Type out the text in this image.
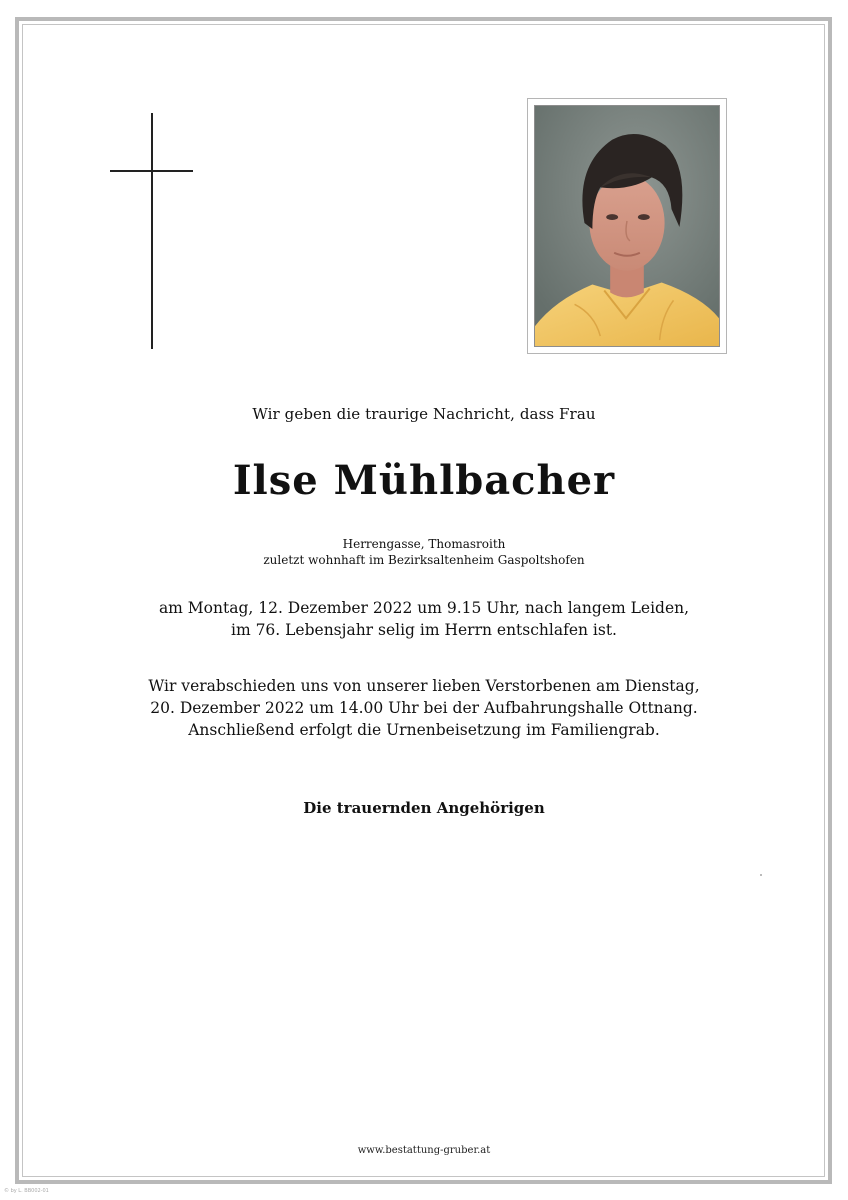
Wir geben die traurige Nachricht, dass Frau
Ilse Mühlbacher
Herrengasse, Thomasroith
zuletzt wohnhaft im Bezirksaltenheim Gaspoltshofen
am Montag, 12. Dezember 2022 um 9.15 Uhr, nach langem Leiden,
im 76. Lebensjahr selig im Herrn entschlafen ist.
Wir verabschieden uns von unserer lieben Verstorbenen am Dienstag,
20. Dezember 2022 um 14.00 Uhr bei der Aufbahrungshalle Ottnang.
Anschließend erfolgt die Urnenbeisetzung im Familiengrab.
Die trauernden Angehörigen
www.bestattung-gruber.at
© by L. BB002-01
